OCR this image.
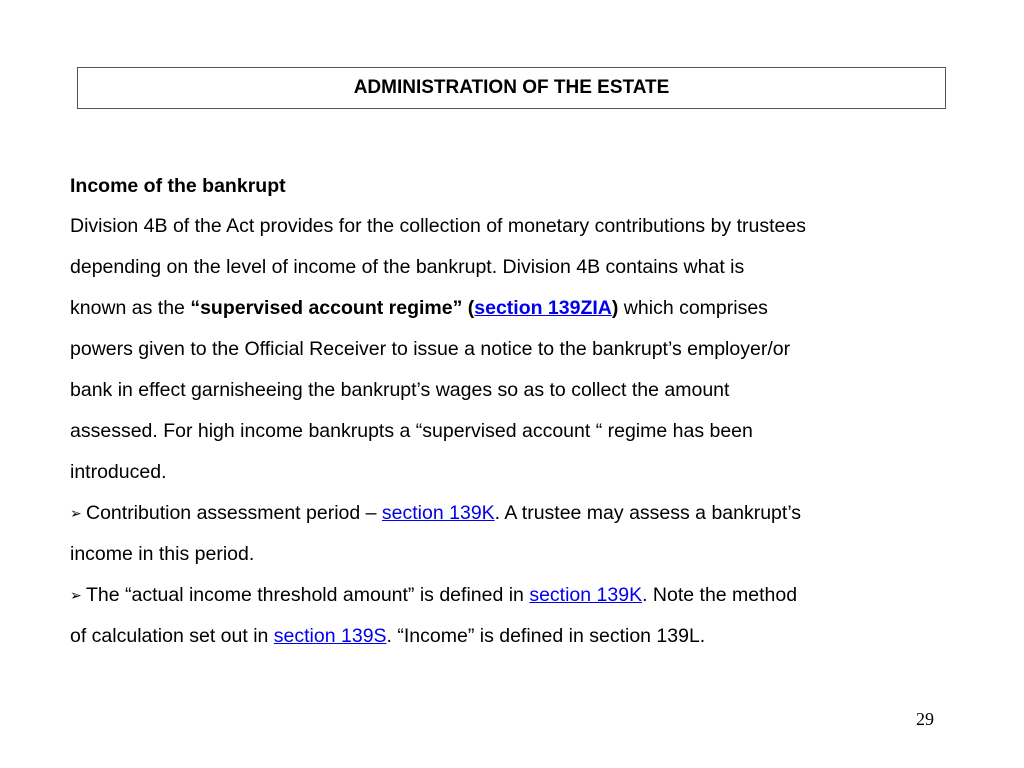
ADMINISTRATION OF THE ESTATE
Income of the bankrupt
Division 4B of the Act provides for the collection of monetary contributions by trustees
depending on the level of income of the bankrupt. Division 4B contains what is
known as the “supervised account regime” (section 139ZIA) which comprises
powers given to the Official Receiver to issue a notice to the bankrupt’s employer/or
bank in effect garnisheeing the bankrupt’s wages so as to collect the amount
assessed. For high income bankrupts a “supervised account “ regime has been
introduced.
➢ Contribution assessment period – section 139K. A trustee may assess a bankrupt’s
income in this period.
➢ The “actual income threshold amount” is defined in section 139K. Note the method
of calculation set out in section 139S. “Income” is defined in section 139L.
29
